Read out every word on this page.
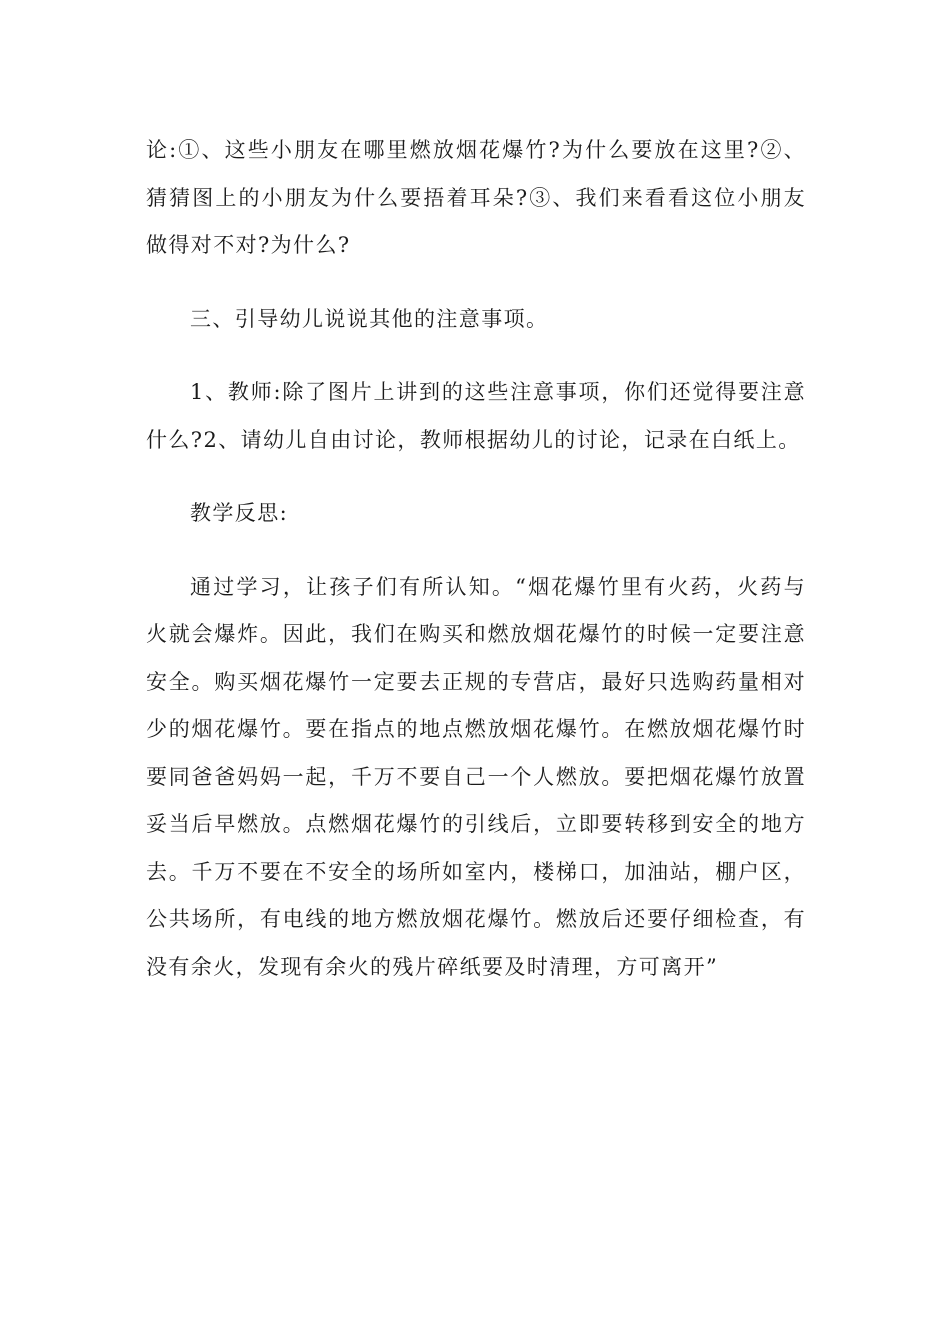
论:①、这些小朋友在哪里燃放烟花爆竹?为什么要放在这里?②、猜猜图上的小朋友为什么要捂着耳朵?③、我们来看看这位小朋友做得对不对?为什么?

三、引导幼儿说说其他的注意事项。

1、教师:除了图片上讲到的这些注意事项，你们还觉得要注意什么?2、请幼儿自由讨论，教师根据幼儿的讨论，记录在白纸上。

教学反思:

通过学习，让孩子们有所认知。“烟花爆竹里有火药，火药与火就会爆炸。因此，我们在购买和燃放烟花爆竹的时候一定要注意安全。购买烟花爆竹一定要去正规的专营店，最好只选购药量相对少的烟花爆竹。要在指点的地点燃放烟花爆竹。在燃放烟花爆竹时要同爸爸妈妈一起，千万不要自己一个人燃放。要把烟花爆竹放置妥当后早燃放。点燃烟花爆竹的引线后，立即要转移到安全的地方去。千万不要在不安全的场所如室内，楼梯口，加油站，棚户区，公共场所，有电线的地方燃放烟花爆竹。燃放后还要仔细检查，有没有余火，发现有余火的残片碎纸要及时清理，方可离开”
